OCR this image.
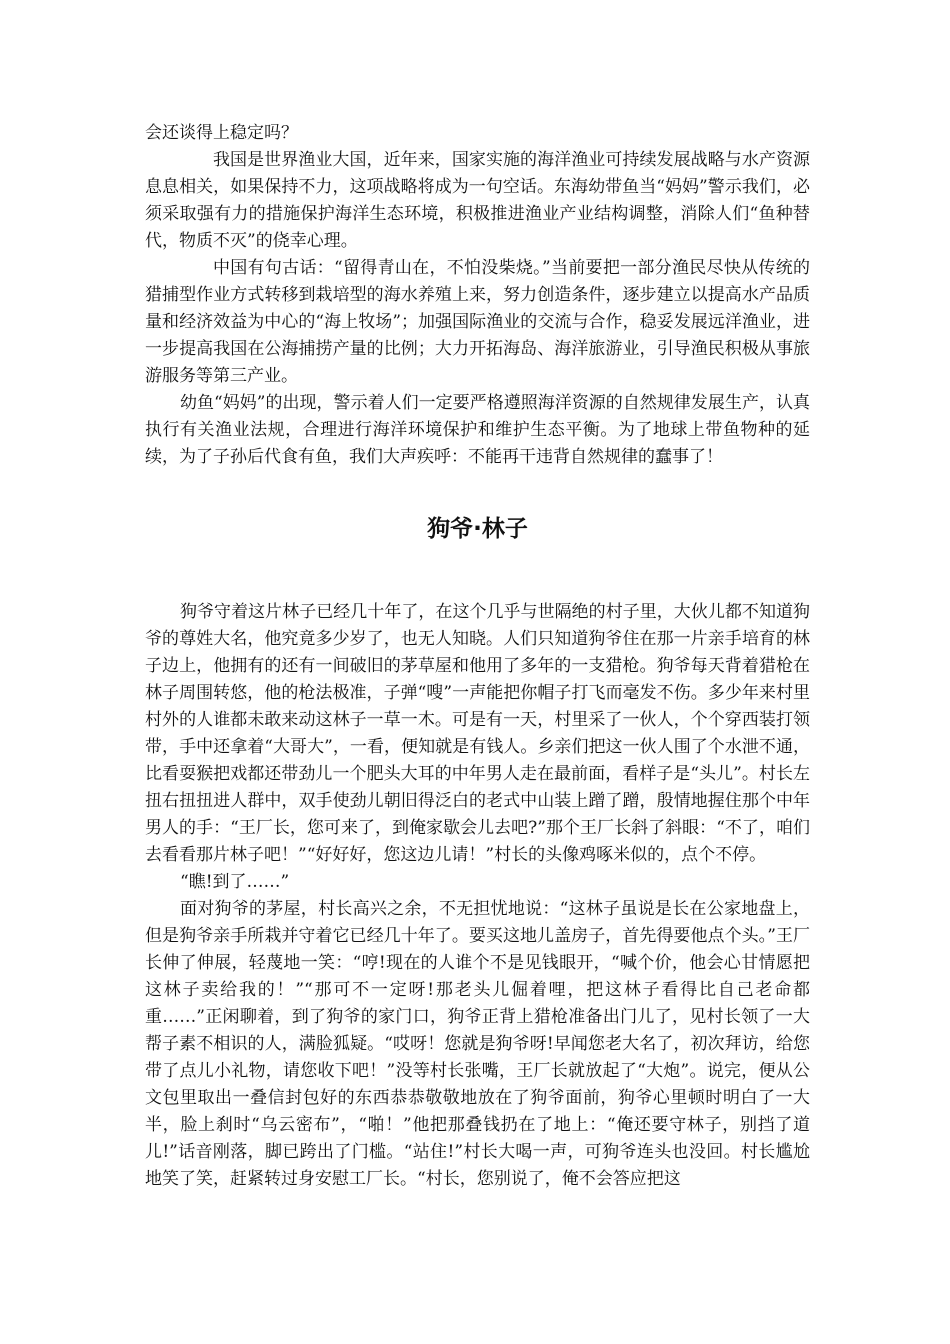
会还谈得上稳定吗？

我国是世界渔业大国，近年来，国家实施的海洋渔业可持续发展战略与水产资源息息相关，如果保持不力，这项战略将成为一句空话。东海幼带鱼当“妈妈”警示我们，必须采取强有力的措施保护海洋生态环境，积极推进渔业产业结构调整，消除人们“鱼种替代，物质不灭”的侥幸心理。

中国有句古话：“留得青山在，不怕没柴烧。”当前要把一部分渔民尽快从传统的猎捕型作业方式转移到栽培型的海水养殖上来，努力创造条件，逐步建立以提高水产品质量和经济效益为中心的“海上牧场”；加强国际渔业的交流与合作，稳妥发展远洋渔业，进一步提高我国在公海捕捞产量的比例；大力开拓海岛、海洋旅游业，引导渔民积极从事旅游服务等第三产业。

幼鱼“妈妈”的出现，警示着人们一定要严格遵照海洋资源的自然规律发展生产，认真执行有关渔业法规，合理进行海洋环境保护和维护生态平衡。为了地球上带鱼物种的延续，为了子孙后代食有鱼，我们大声疾呼：不能再干违背自然规律的蠢事了！

狗爷·林子

狗爷守着这片林子已经几十年了，在这个几乎与世隔绝的村子里，大伙儿都不知道狗爷的尊姓大名，他究竟多少岁了，也无人知晓。人们只知道狗爷住在那一片亲手培育的林子边上，他拥有的还有一间破旧的茅草屋和他用了多年的一支猎枪。狗爷每天背着猎枪在林子周围转悠，他的枪法极准，子弹“嗖”一声能把你帽子打飞而毫发不伤。多少年来村里村外的人谁都未敢来动这林子一草一木。可是有一天，村里采了一伙人，个个穿西装打领带，手中还拿着“大哥大”，一看，便知就是有钱人。乡亲们把这一伙人围了个水泄不通，比看耍猴把戏都还带劲儿一个肥头大耳的中年男人走在最前面，看样子是“头儿”。村长左扭右扭扭进人群中，双手使劲儿朝旧得泛白的老式中山装上蹭了蹭，殷情地握住那个中年男人的手：“王厂长，您可来了，到俺家歇会儿去吧?”那个王厂长斜了斜眼：“不了，咱们去看看那片林子吧！”“好好好，您这边儿请！”村长的头像鸡啄米似的，点个不停。

“瞧!到了……”

面对狗爷的茅屋，村长高兴之余，不无担忧地说：“这林子虽说是长在公家地盘上，但是狗爷亲手所栽并守着它已经几十年了。要买这地儿盖房子，首先得要他点个头。”王厂长伸了伸展，轻蔑地一笑：“哼!现在的人谁个不是见钱眼开，“喊个价，他会心甘情愿把这林子卖给我的！”“那可不一定呀!那老头儿倔着哩，把这林子看得比自己老命都重……”正闲聊着，到了狗爷的家门口，狗爷正背上猎枪准备出门儿了，见村长领了一大帮子素不相识的人，满脸狐疑。“哎呀！您就是狗爷呀!早闻您老大名了，初次拜访，给您带了点儿小礼物，请您收下吧！”没等村长张嘴，王厂长就放起了“大炮”。说完，便从公文包里取出一叠信封包好的东西恭恭敬敬地放在了狗爷面前，狗爷心里顿时明白了一大半，脸上刹时“乌云密布”，“啪！”他把那叠钱扔在了地上：“俺还要守林子，别挡了道儿!”话音刚落，脚已跨出了门槛。“站住!”村长大喝一声，可狗爷连头也没回。村长尴尬地笑了笑，赶紧转过身安慰工厂长。“村长，您别说了，俺不会答应把这
